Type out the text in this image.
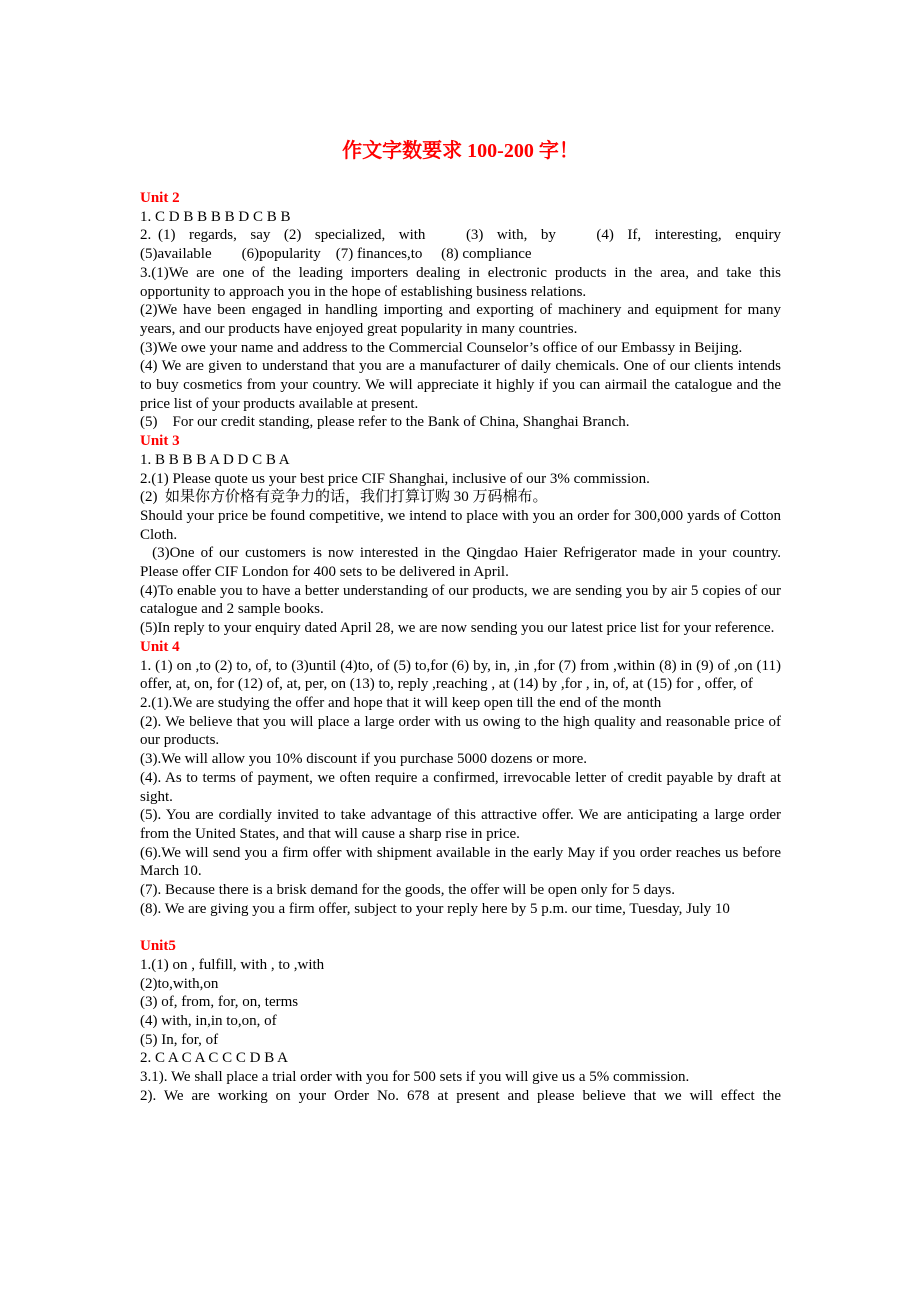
作文字数要求 100-200 字！
Unit 2

1. C D B B B B D C B B

2. (1)  regards,  say  (2)  specialized,  with      (3)  with,  by      (4)  If,  interesting,  enquiry

(5)available        (6)popularity    (7) finances,to     (8) compliance

3.(1)We are one of the leading importers dealing in electronic products in the area, and take this opportunity to approach you in the hope of establishing business relations.

(2)We have been engaged in handling importing and exporting of machinery and equipment for many years, and our products have enjoyed great popularity in many countries.

(3)We owe your name and address to the Commercial Counselor’s office of our Embassy in Beijing.

(4) We are given to understand that you are a manufacturer of daily chemicals. One of our clients intends to buy cosmetics from your country. We will appreciate it highly if you can airmail the catalogue and the price list of your products available at present.

(5)    For our credit standing, please refer to the Bank of China, Shanghai Branch.

Unit 3

1. B B B B A D D C B A

2.(1) Please quote us your best price CIF Shanghai, inclusive of our 3% commission.

(2)  如果你方价格有竞争力的话，我们打算订购 30 万码棉布。

Should your price be found competitive, we intend to place with you an order for 300,000 yards of Cotton Cloth.

(3)One of our customers is now interested in the Qingdao Haier Refrigerator made in your country. Please offer CIF London for 400 sets to be delivered in April.

(4)To enable you to have a better understanding of our products, we are sending you by air 5 copies of our catalogue and 2 sample books.

(5)In reply to your enquiry dated April 28, we are now sending you our latest price list for your reference.

Unit 4

1. (1) on ,to (2) to, of, to (3)until (4)to, of (5) to,for (6) by, in, ,in ,for (7) from ,within (8) in (9) of ,on (11) offer, at, on, for (12) of, at, per, on (13) to, reply ,reaching , at (14) by ,for , in, of, at (15) for , offer, of

2.(1).We are studying the offer and hope that it will keep open till the end of the month

(2). We believe that you will place a large order with us owing to the high quality and reasonable price of our products.

(3).We will allow you 10% discount if you purchase 5000 dozens or more.

(4). As to terms of payment, we often require a confirmed, irrevocable letter of credit payable by draft at sight.

(5). You are cordially invited to take advantage of this attractive offer. We are anticipating a large order from the United States, and that will cause a sharp rise in price.

(6).We will send you a firm offer with shipment available in the early May if you order reaches us before March 10.

(7). Because there is a brisk demand for the goods, the offer will be open only for 5 days.

(8). We are giving you a firm offer, subject to your reply here by 5 p.m. our time, Tuesday, July 10

Unit5

1.(1) on , fulfill, with , to ,with

(2)to,with,on

(3) of, from, for, on, terms

(4) with, in,in to,on, of

(5) In, for, of

2. C A C A C C C D B A

3.1). We shall place a trial order with you for 500 sets if you will give us a 5% commission.

2). We are working on your Order No. 678 at present and please believe that we will effect the
